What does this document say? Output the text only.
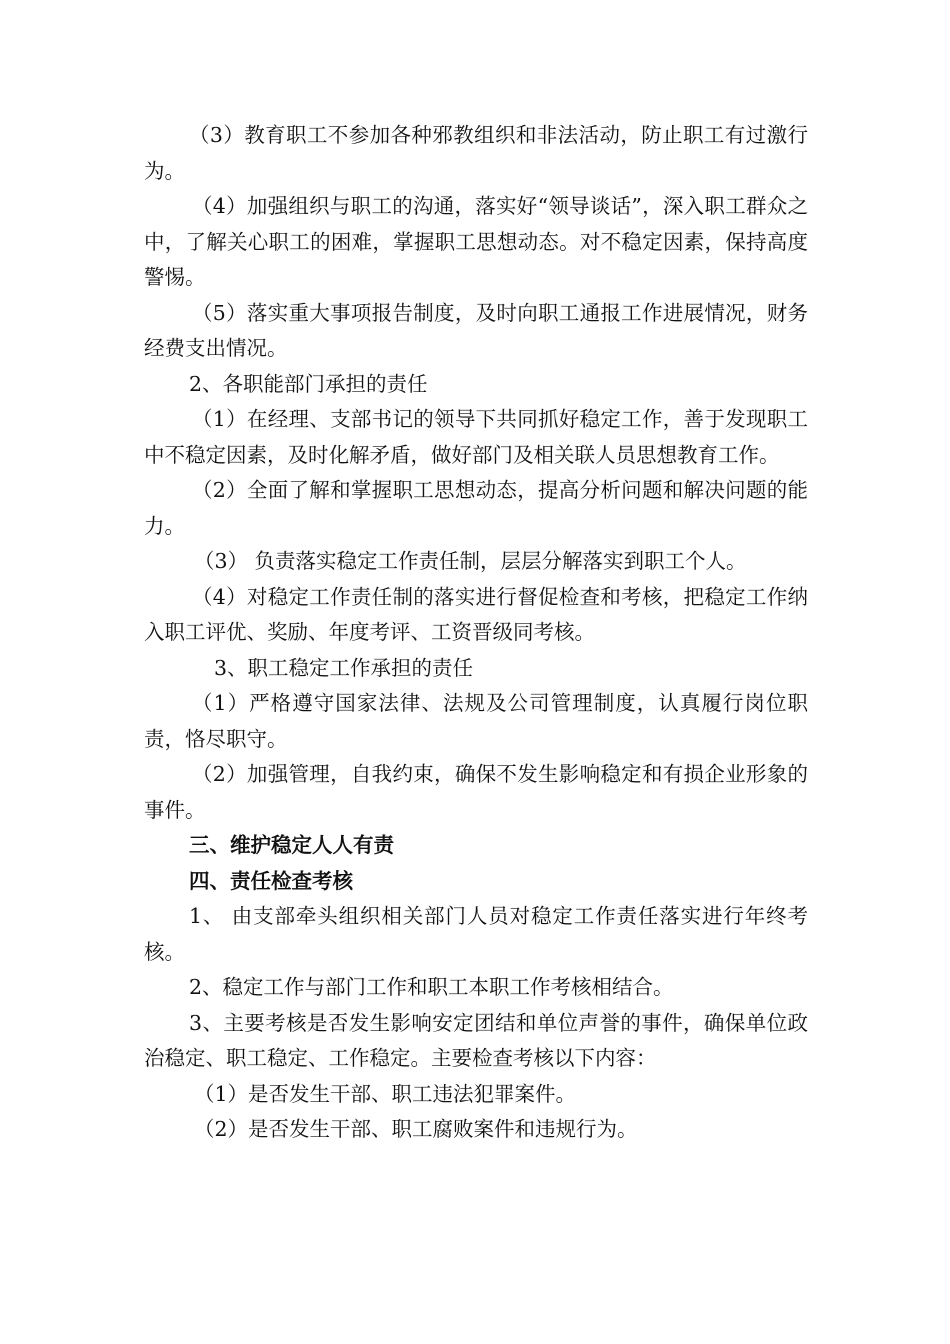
（3）教育职工不参加各种邪教组织和非法活动，防止职工有过激行为。

（4）加强组织与职工的沟通，落实好“领导谈话”，深入职工群众之中，了解关心职工的困难，掌握职工思想动态。对不稳定因素，保持高度警惕。

（5）落实重大事项报告制度，及时向职工通报工作进展情况，财务经费支出情况。

2、各职能部门承担的责任

（1）在经理、支部书记的领导下共同抓好稳定工作，善于发现职工中不稳定因素，及时化解矛盾，做好部门及相关联人员思想教育工作。

（2）全面了解和掌握职工思想动态，提高分析问题和解决问题的能力。

（3） 负责落实稳定工作责任制，层层分解落实到职工个人。

（4）对稳定工作责任制的落实进行督促检查和考核，把稳定工作纳入职工评优、奖励、年度考评、工资晋级同考核。

3、职工稳定工作承担的责任

（1）严格遵守国家法律、法规及公司管理制度，认真履行岗位职责，恪尽职守。

（2）加强管理，自我约束，确保不发生影响稳定和有损企业形象的事件。

三、维护稳定人人有责

四、责任检查考核

1、 由支部牵头组织相关部门人员对稳定工作责任落实进行年终考核。

2、稳定工作与部门工作和职工本职工作考核相结合。

3、主要考核是否发生影响安定团结和单位声誉的事件，确保单位政治稳定、职工稳定、工作稳定。主要检查考核以下内容：

（1）是否发生干部、职工违法犯罪案件。

（2）是否发生干部、职工腐败案件和违规行为。
